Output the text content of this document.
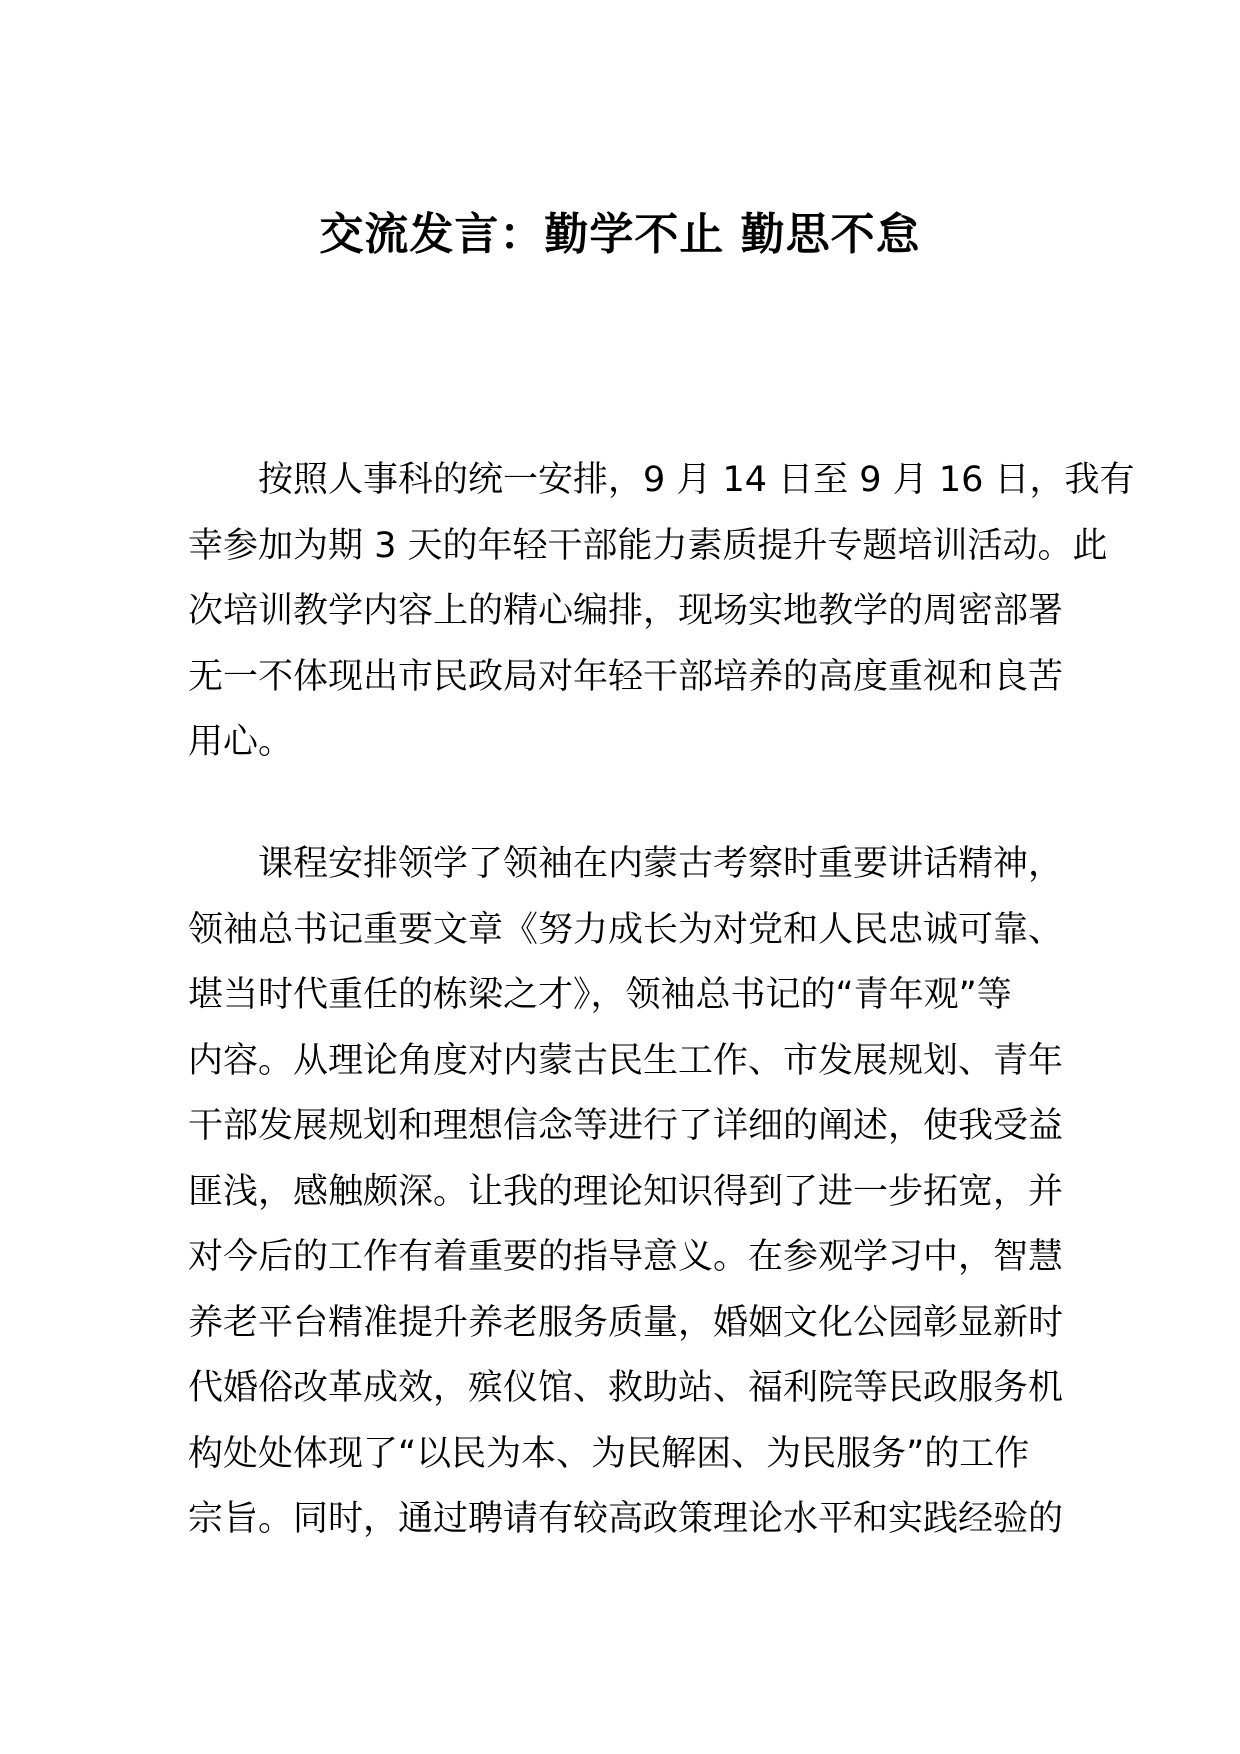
交流发言：勤学不止 勤思不怠
按照人事科的统一安排，9 月 14 日至 9 月 16 日，我有
幸参加为期 3 天的年轻干部能力素质提升专题培训活动。此
次培训教学内容上的精心编排，现场实地教学的周密部署
无一不体现出市民政局对年轻干部培养的高度重视和良苦
用心。
课程安排领学了领袖在内蒙古考察时重要讲话精神，
领袖总书记重要文章《努力成长为对党和人民忠诚可靠、
堪当时代重任的栋梁之才》，领袖总书记的“青年观”等
内容。从理论角度对内蒙古民生工作、市发展规划、青年
干部发展规划和理想信念等进行了详细的阐述，使我受益
匪浅，感触颇深。让我的理论知识得到了进一步拓宽，并
对今后的工作有着重要的指导意义。在参观学习中，智慧
养老平台精准提升养老服务质量，婚姻文化公园彰显新时
代婚俗改革成效，殡仪馆、救助站、福利院等民政服务机
构处处体现了“以民为本、为民解困、为民服务”的工作
宗旨。同时，通过聘请有较高政策理论水平和实践经验的
